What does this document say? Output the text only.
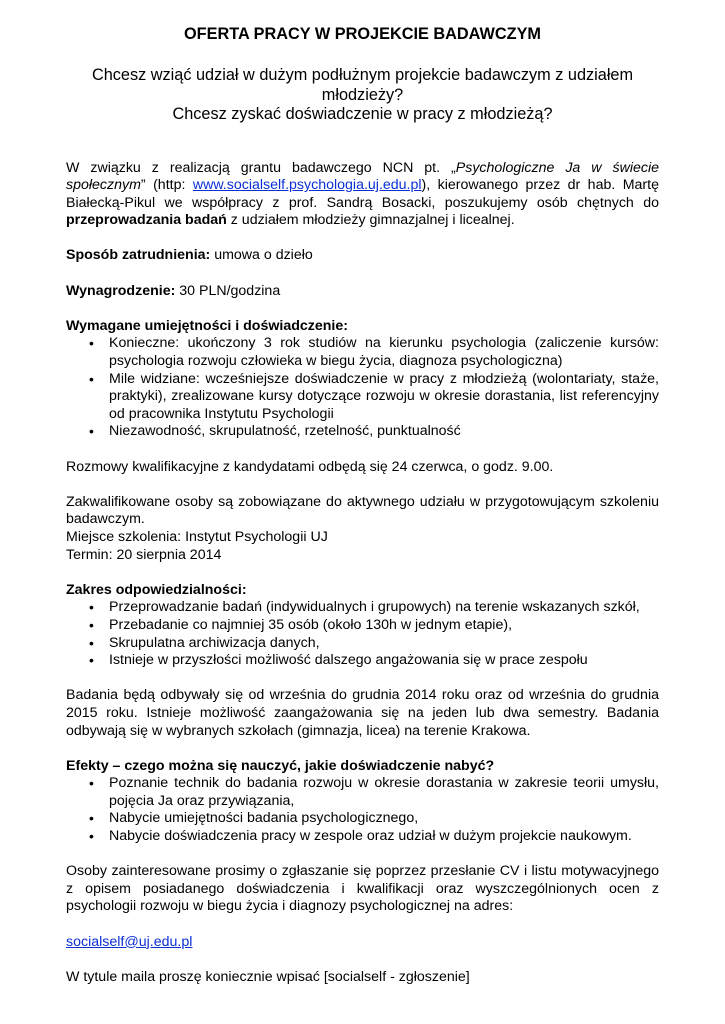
OFERTA PRACY W PROJEKCIE BADAWCZYM
Chcesz wziąć udział w dużym podłużnym projekcie badawczym z udziałem młodzieży?
Chcesz zyskać doświadczenie w pracy z młodzieżą?

W związku z realizacją grantu badawczego NCN pt. „Psychologiczne Ja w świecie społecznym” (http: www.socialself.psychologia.uj.edu.pl), kierowanego przez dr hab. Martę Białecką-Pikul we współpracy z prof. Sandrą Bosacki, poszukujemy osób chętnych do przeprowadzania badań z udziałem młodzieży gimnazjalnej i licealnej.

Sposób zatrudnienia: umowa o dzieło

Wynagrodzenie: 30 PLN/godzina

Wymagane umiejętności i doświadczenie:

• Konieczne: ukończony 3 rok studiów na kierunku psychologia (zaliczenie kursów: psychologia rozwoju człowieka w biegu życia, diagnoza psychologiczna)
• Mile widziane: wcześniejsze doświadczenie w pracy z młodzieżą (wolontariaty, staże, praktyki), zrealizowane kursy dotyczące rozwoju w okresie dorastania, list referencyjny od pracownika Instytutu Psychologii
• Niezawodność, skrupulatność, rzetelność, punktualność

Rozmowy kwalifikacyjne z kandydatami odbędą się 24 czerwca, o godz. 9.00.

Zakwalifikowane osoby są zobowiązane do aktywnego udziału w przygotowującym szkoleniu badawczym.

Miejsce szkolenia: Instytut Psychologii UJ

Termin: 20 sierpnia 2014

Zakres odpowiedzialności:

• Przeprowadzanie badań (indywidualnych i grupowych) na terenie wskazanych szkół,
• Przebadanie co najmniej 35 osób (około 130h w jednym etapie),
• Skrupulatna archiwizacja danych,
• Istnieje w przyszłości możliwość dalszego angażowania się w prace zespołu

Badania będą odbywały się od września do grudnia 2014 roku oraz od września do grudnia 2015 roku. Istnieje możliwość zaangażowania się na jeden lub dwa semestry. Badania odbywają się w wybranych szkołach (gimnazja, licea) na terenie Krakowa.

Efekty – czego można się nauczyć, jakie doświadczenie nabyć?

• Poznanie technik do badania rozwoju w okresie dorastania w zakresie teorii umysłu, pojęcia Ja oraz przywiązania,
• Nabycie umiejętności badania psychologicznego,
• Nabycie doświadczenia pracy w zespole oraz udział w dużym projekcie naukowym.

Osoby zainteresowane prosimy o zgłaszanie się poprzez przesłanie CV i listu motywacyjnego z opisem posiadanego doświadczenia i kwalifikacji oraz wyszczególnionych ocen z psychologii rozwoju w biegu życia i diagnozy psychologicznej na adres:

socialself@uj.edu.pl

W tytule maila proszę koniecznie wpisać [socialself - zgłoszenie]
